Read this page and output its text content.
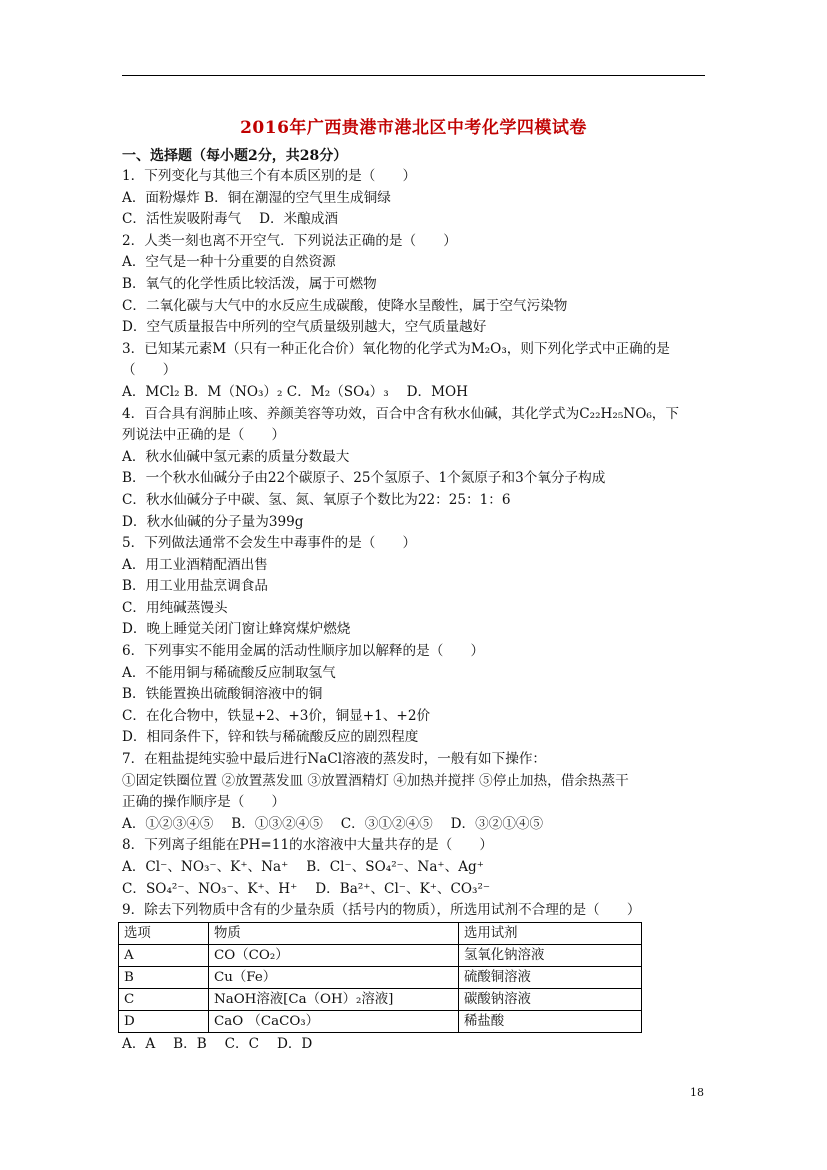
2016年广西贵港市港北区中考化学四模试卷
一、选择题（每小题2分，共28分）
1．下列变化与其他三个有本质区别的是（　　）
A．面粉爆炸 B．铜在潮湿的空气里生成铜绿
C．活性炭吸附毒气　 D．米酿成酒
2．人类一刻也离不开空气．下列说法正确的是（　　）
A．空气是一种十分重要的自然资源
B．氧气的化学性质比较活泼，属于可燃物
C．二氧化碳与大气中的水反应生成碳酸，使降水呈酸性，属于空气污染物
D．空气质量报告中所列的空气质量级别越大，空气质量越好
3．已知某元素M（只有一种正化合价）氧化物的化学式为M₂O₃，则下列化学式中正确的是
（　　）
A．MCl₂ B．M（NO₃）₂ C．M₂（SO₄）₃　 D．MOH
4．百合具有润肺止咳、养颜美容等功效，百合中含有秋水仙碱，其化学式为C₂₂H₂₅NO₆，下
列说法中正确的是（　　）
A．秋水仙碱中氢元素的质量分数最大
B．一个秋水仙碱分子由22个碳原子、25个氢原子、1个氮原子和3个氧分子构成
C．秋水仙碱分子中碳、氢、氮、氧原子个数比为22：25：1：6
D．秋水仙碱的分子量为399g
5．下列做法通常不会发生中毒事件的是（　　）
A．用工业酒精配酒出售
B．用工业用盐烹调食品
C．用纯碱蒸馒头
D．晚上睡觉关闭门窗让蜂窝煤炉燃烧
6．下列事实不能用金属的活动性顺序加以解释的是（　　）
A．不能用铜与稀硫酸反应制取氢气
B．铁能置换出硫酸铜溶液中的铜
C．在化合物中，铁显+2、+3价，铜显+1、+2价
D．相同条件下，锌和铁与稀硫酸反应的剧烈程度
7．在粗盐提纯实验中最后进行NaCl溶液的蒸发时，一般有如下操作：
①固定铁圈位置 ②放置蒸发皿 ③放置酒精灯 ④加热并搅拌 ⑤停止加热，借余热蒸干
正确的操作顺序是（　　）
A．①②③④⑤　 B．①③②④⑤　 C．③①②④⑤　 D．③②①④⑤
8．下列离子组能在PH=11的水溶液中大量共存的是（　　）
A．Cl⁻、NO₃⁻、K⁺、Na⁺　 B．Cl⁻、SO₄²⁻、Na⁺、Ag⁺
C．SO₄²⁻、NO₃⁻、K⁺、H⁺　 D．Ba²⁺、Cl⁻、K⁺、CO₃²⁻
9．除去下列物质中含有的少量杂质（括号内的物质），所选用试剂不合理的是（　　）
选项	物质	选用试剂
A	CO（CO₂）	氢氧化钠溶液
B	Cu（Fe）	硫酸铜溶液
C	NaOH溶液[Ca（OH）₂溶液]	碳酸钠溶液
D	CaO （CaCO₃）	稀盐酸
A．A　 B．B　 C．C　 D．D
18
